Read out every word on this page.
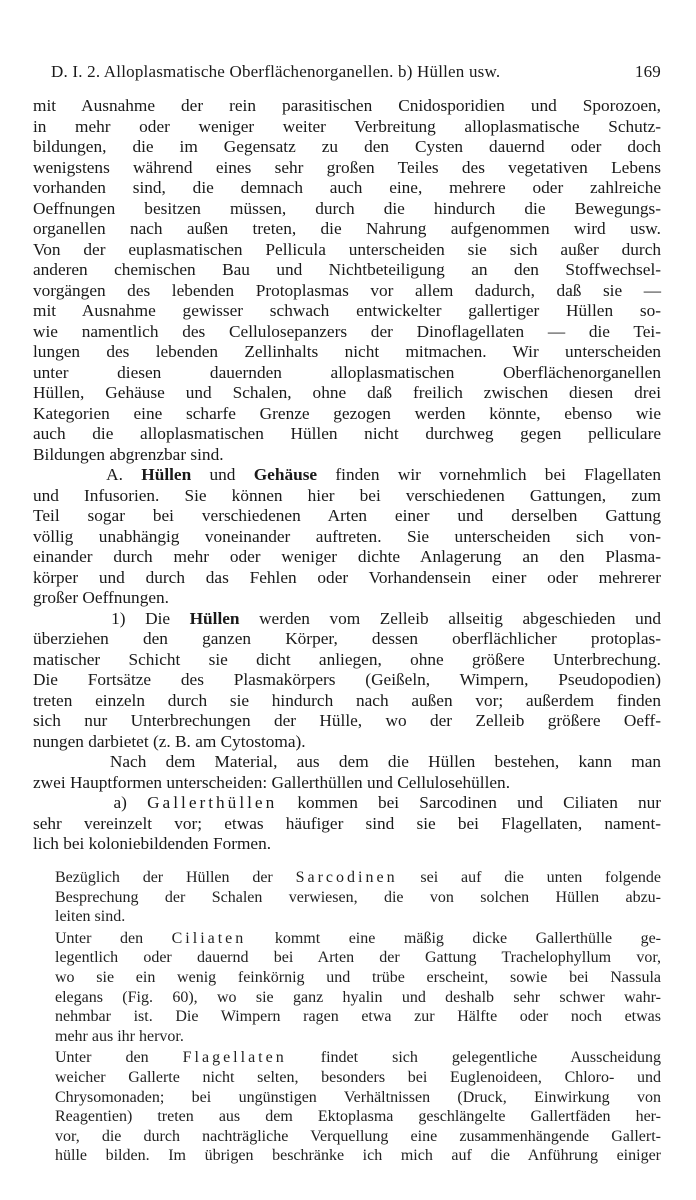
D. I. 2. Alloplasmatische Oberflächenorganellen. b) Hüllen usw.	169

mit Ausnahme der rein parasitischen Cnidosporidien und Sporozoen,
in mehr oder weniger weiter Verbreitung alloplasmatische Schutz-
bildungen, die im Gegensatz zu den Cysten dauernd oder doch
wenigstens während eines sehr großen Teiles des vegetativen Lebens
vorhanden sind, die demnach auch eine, mehrere oder zahlreiche
Oeffnungen besitzen müssen, durch die hindurch die Bewegungs-
organellen nach außen treten, die Nahrung aufgenommen wird usw.
Von der euplasmatischen Pellicula unterscheiden sie sich außer durch
anderen chemischen Bau und Nichtbeteiligung an den Stoffwechsel-
vorgängen des lebenden Protoplasmas vor allem dadurch, daß sie —
mit Ausnahme gewisser schwach entwickelter gallertiger Hüllen so-
wie namentlich des Cellulosepanzers der Dinoflagellaten — die Tei-
lungen des lebenden Zellinhalts nicht mitmachen. Wir unterscheiden
unter diesen dauernden alloplasmatischen Oberflächenorganellen
Hüllen, Gehäuse und Schalen, ohne daß freilich zwischen diesen drei
Kategorien eine scharfe Grenze gezogen werden könnte, ebenso wie
auch die alloplasmatischen Hüllen nicht durchweg gegen pelliculare
Bildungen abgrenzbar sind.

A. Hüllen und Gehäuse finden wir vornehmlich bei Flagellaten
und Infusorien. Sie können hier bei verschiedenen Gattungen, zum
Teil sogar bei verschiedenen Arten einer und derselben Gattung
völlig unabhängig voneinander auftreten. Sie unterscheiden sich von-
einander durch mehr oder weniger dichte Anlagerung an den Plasma-
körper und durch das Fehlen oder Vorhandensein einer oder mehrerer
großer Oeffnungen.

1) Die Hüllen werden vom Zelleib allseitig abgeschieden und
überziehen den ganzen Körper, dessen oberflächlicher protoplas-
matischer Schicht sie dicht anliegen, ohne größere Unterbrechung.
Die Fortsätze des Plasmakörpers (Geißeln, Wimpern, Pseudopodien)
treten einzeln durch sie hindurch nach außen vor; außerdem finden
sich nur Unterbrechungen der Hülle, wo der Zelleib größere Oeff-
nungen darbietet (z. B. am Cytostoma).

Nach dem Material, aus dem die Hüllen bestehen, kann man
zwei Hauptformen unterscheiden: Gallerthüllen und Cellulosehüllen.

a) Gallerthüllen kommen bei Sarcodinen und Ciliaten nur
sehr vereinzelt vor; etwas häufiger sind sie bei Flagellaten, nament-
lich bei koloniebildenden Formen.

Bezüglich der Hüllen der Sarcodinen sei auf die unten folgende
Besprechung der Schalen verwiesen, die von solchen Hüllen abzu-
leiten sind.

Unter den Ciliaten kommt eine mäßig dicke Gallerthülle ge-
legentlich oder dauernd bei Arten der Gattung Trachelophyllum vor,
wo sie ein wenig feinkörnig und trübe erscheint, sowie bei Nassula
elegans (Fig. 60), wo sie ganz hyalin und deshalb sehr schwer wahr-
nehmbar ist. Die Wimpern ragen etwa zur Hälfte oder noch etwas
mehr aus ihr hervor.

Unter den Flagellaten findet sich gelegentliche Ausscheidung
weicher Gallerte nicht selten, besonders bei Euglenoideen, Chloro- und
Chrysomonaden; bei ungünstigen Verhältnissen (Druck, Einwirkung von
Reagentien) treten aus dem Ektoplasma geschlängelte Gallertfäden her-
vor, die durch nachträgliche Verquellung eine zusammenhängende Gallert-
hülle bilden. Im übrigen beschränke ich mich auf die Anführung einiger
